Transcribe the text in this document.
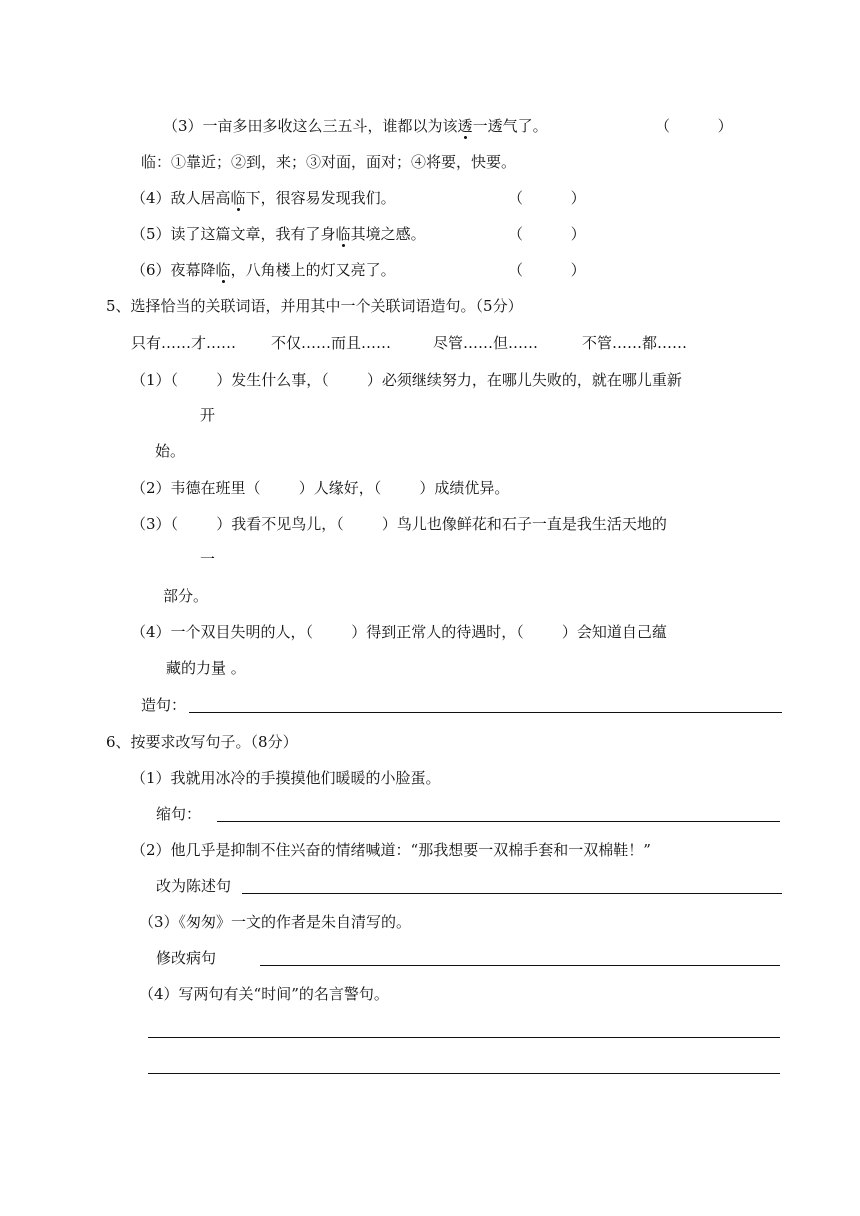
（3）一亩多田多收这么三五斗，谁都以为该透一透气了。	（          ）
临：①靠近；②到，来；③对面，面对；④将要，快要。
（4）敌人居高临下，很容易发现我们。	（          ）
（5）读了这篇文章，我有了身临其境之感。	（          ）
（6）夜幕降临，八角楼上的灯又亮了。	（          ）
5、选择恰当的关联词语，并用其中一个关联词语造句。（5分）
只有……才…… 不仅……而且……	尽管……但……	不管……都……
（1）（        ）发生什么事，（        ）必须继续努力，在哪儿失败的，就在哪儿重新
开
始。
（2）韦德在班里（        ）人缘好，（        ）成绩优异。
（3）（        ）我看不见鸟儿，（        ）鸟儿也像鲜花和石子一直是我生活天地的
一
部分。
（4）一个双目失明的人，（        ）得到正常人的待遇时，（        ）会知道自己蕴
藏的力量 。
造句：
6、按要求改写句子。（8分）
（1）我就用冰冷的手摸摸他们暖暖的小脸蛋。
缩句：
（2）他几乎是抑制不住兴奋的情绪喊道：“那我想要一双棉手套和一双棉鞋！”
改为陈述句
（3）《匆匆》一文的作者是朱自清写的。
修改病句
（4）写两句有关“时间”的名言警句。
